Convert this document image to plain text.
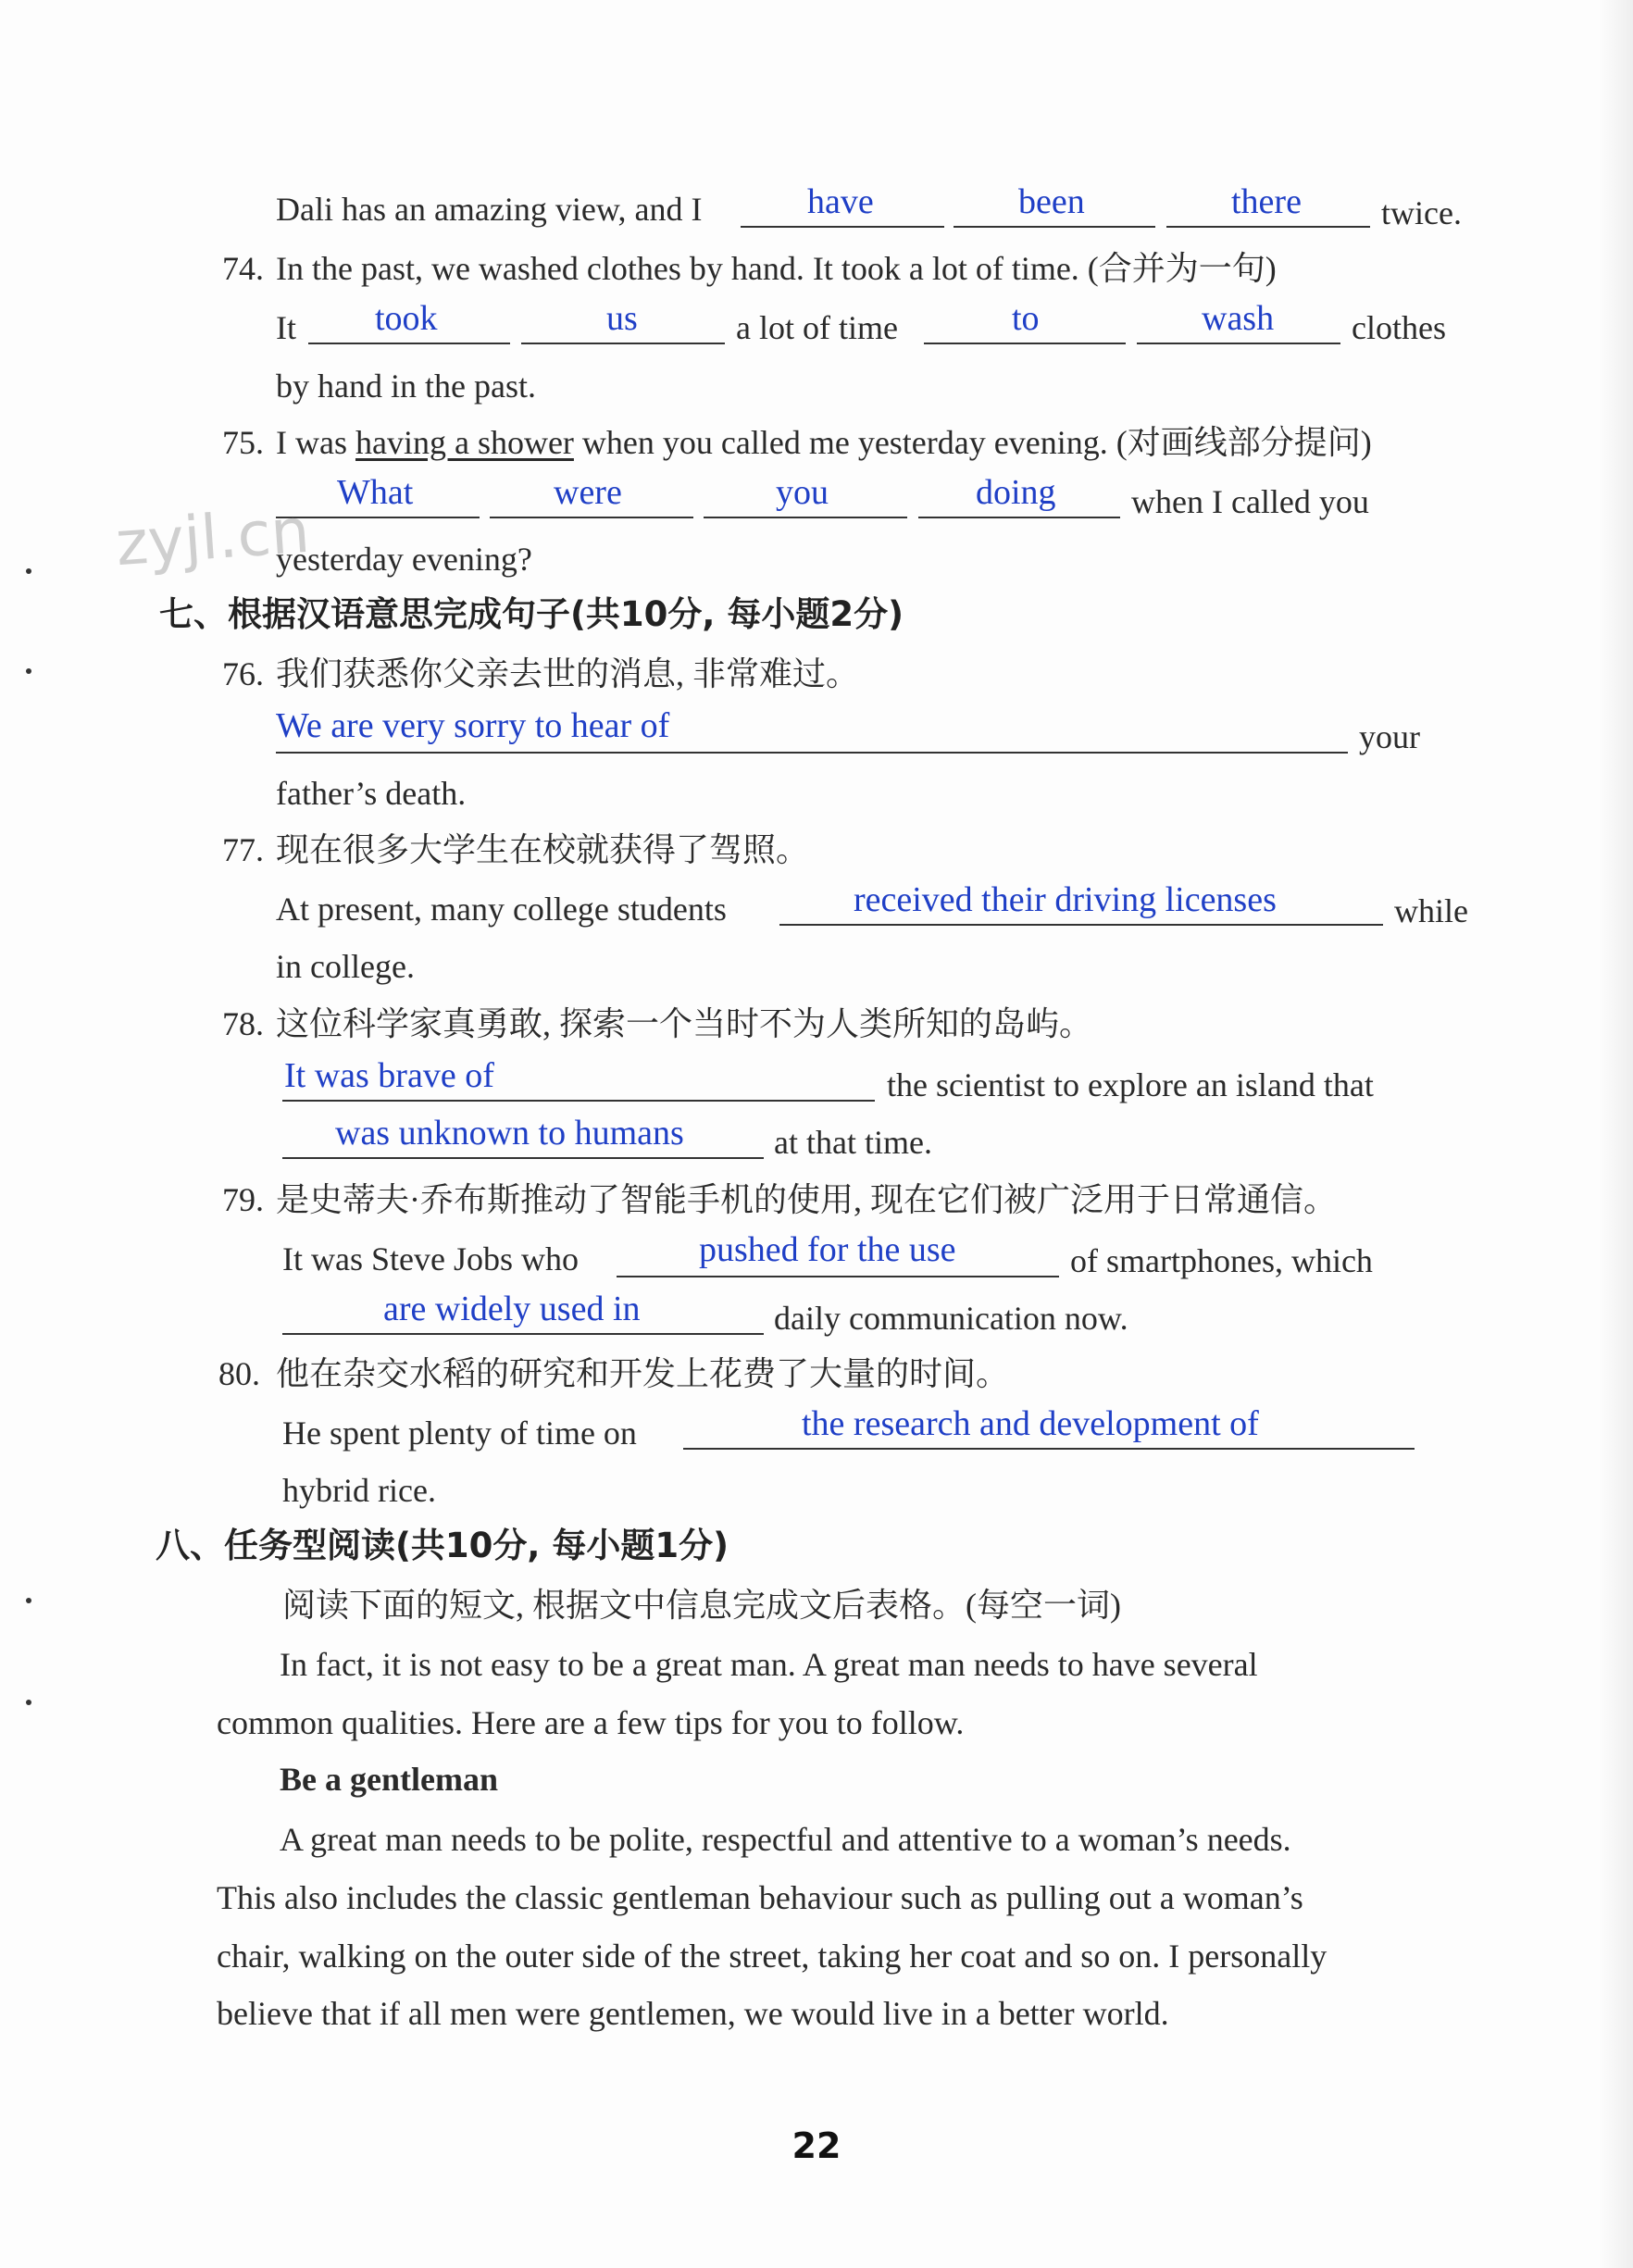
Dali has an amazing view, and I	have	been	there twice.
74. In the past, we washed clothes by hand. It took a lot of time. (合并为一句)
It took	us	a lot of time	to	wash clothes
by hand in the past.
75. I was having a shower when you called me yesterday evening. (对画线部分提问)
What	were	you	doing when I called you
yesterday evening?
zyjl.cn
七、根据汉语意思完成句子(共10分, 每小题2分)
76. 我们获悉你父亲去世的消息, 非常难过。
We are very sorry to hear of	your
father’s death.
77. 现在很多大学生在校就获得了驾照。
At present, many college students	received their driving licenses	while
in college.
78. 这位科学家真勇敢, 探索一个当时不为人类所知的岛屿。
It was brave of	the scientist to explore an island that
was unknown to humans	at that time.
79. 是史蒂夫·乔布斯推动了智能手机的使用, 现在它们被广泛用于日常通信。
It was Steve Jobs who	pushed for the use	of smartphones, which
are widely used in	daily communication now.
80. 他在杂交水稻的研究和开发上花费了大量的时间。
He spent plenty of time on	the research and development of
hybrid rice.
八、任务型阅读(共10分, 每小题1分)
阅读下面的短文, 根据文中信息完成文后表格。(每空一词)
In fact, it is not easy to be a great man. A great man needs to have several
common qualities. Here are a few tips for you to follow.
Be a gentleman
A great man needs to be polite, respectful and attentive to a woman’s needs.
This also includes the classic gentleman behaviour such as pulling out a woman’s
chair, walking on the outer side of the street, taking her coat and so on. I personally
believe that if all men were gentlemen, we would live in a better world.
22
